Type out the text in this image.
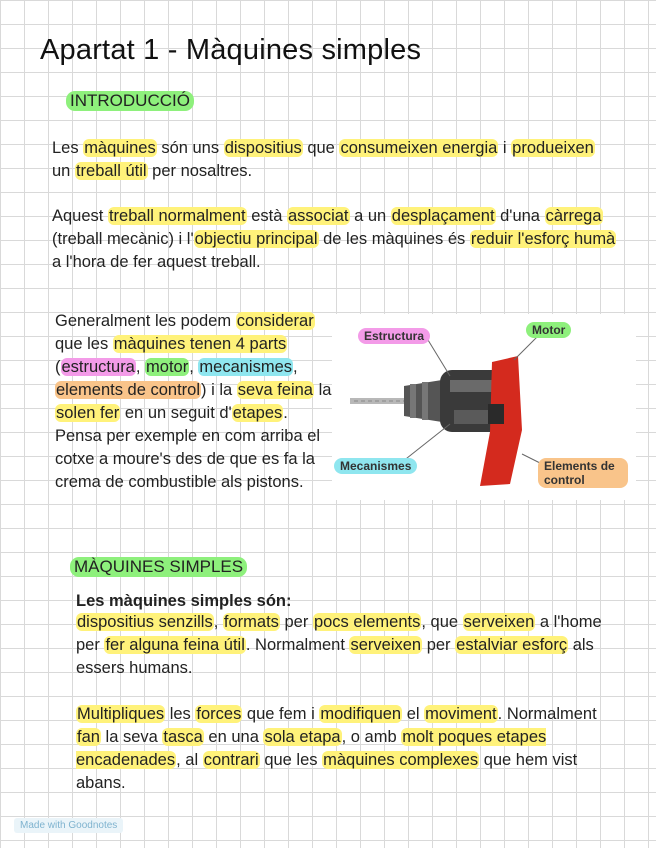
Apartat 1 - Màquines simples
INTRODUCCIÓ
Les màquines són uns dispositius que consumeixen energia i produeixen un treball útil per nosaltres.
Aquest treball normalment està associat a un desplaçament d'una càrrega (treball mecànic) i l'objectiu principal de les màquines és reduir l'esforç humà a l'hora de fer aquest treball.
Generalment les podem considerar que les màquines tenen 4 parts (estructura, motor, mecanismes, elements de control) i la seva feina la solen fer en un seguit d'etapes. Pensa per exemple en com arriba el cotxe a moure's des de que es fa la crema de combustible als pistons.
Estructura	Motor
Mecanismes	Elements de control
MÀQUINES SIMPLES
Les màquines simples són:
dispositius senzills, formats per pocs elements, que serveixen a l'home per fer alguna feina útil. Normalment serveixen per estalviar esforç als essers humans.
Multipliques les forces que fem i modifiquen el moviment. Normalment fan la seva tasca en una sola etapa, o amb molt poques etapes encadenades, al contrari que les màquines complexes que hem vist abans.
Made with Goodnotes
